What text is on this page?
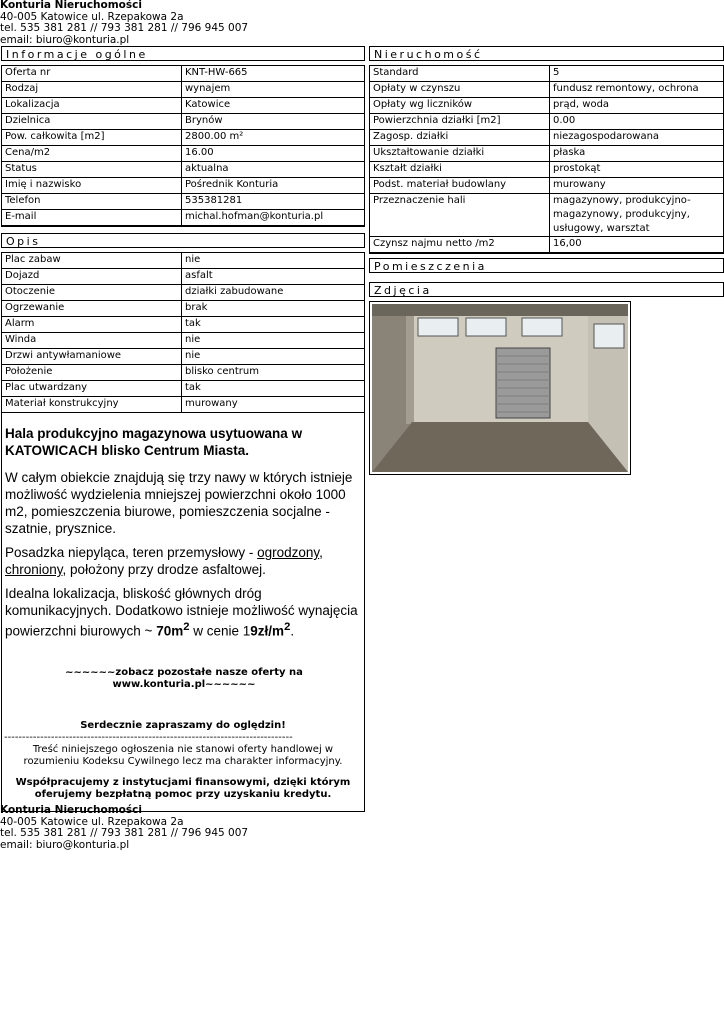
Konturia Nieruchomości
40-005 Katowice ul. Rzepakowa 2a
tel. 535 381 281 // 793 381 281 // 796 945 007
email: biuro@konturia.pl
Informacje ogólne
Oferta nr	KNT-HW-665
Rodzaj	wynajem
Lokalizacja	Katowice
Dzielnica	Brynów
Pow. całkowita [m2]	2800.00 m²
Cena/m2	16.00
Status	aktualna
Imię i nazwisko	Pośrednik Konturia
Telefon	535381281
E-mail	michal.hofman@konturia.pl
Opis
Plac zabaw	nie
Dojazd	asfalt
Otoczenie	działki zabudowane
Ogrzewanie	brak
Alarm	tak
Winda	nie
Drzwi antywłamaniowe	nie
Położenie	blisko centrum
Plac utwardzany	tak
Materiał konstrukcyjny	murowany

Hala produkcyjno magazynowa usytuowana w KATOWICACH blisko Centrum Miasta.

W całym obiekcie znajdują się trzy nawy w których istnieje możliwość wydzielenia mniejszej powierzchni około 1000 m2, pomieszczenia biurowe, pomieszczenia socjalne - szatnie, prysznice.

Posadzka niepyląca, teren przemysłowy - ogrodzony, chroniony, położony przy drodze asfaltowej.

Idealna lokalizacja, bliskość głównych dróg komunikacyjnych. Dodatkowo istnieje możliwość wynajęcia powierzchni biurowych ~ $70m^2$ w cenie $19zł/m^2$.

~~~~~~zobacz pozostałe nasze oferty na www.konturia.pl~~~~~~
Serdecznie zapraszamy do oględzin!
--------------------------------------------------------------------------------
Treść niniejszego ogłoszenia nie stanowi oferty handlowej w rozumieniu Kodeksu Cywilnego lecz ma charakter informacyjny.
Współpracujemy z instytucjami finansowymi, dzięki którym oferujemy bezpłatną pomoc przy uzyskaniu kredytu.
Nieruchomość
Standard	5
Opłaty w czynszu	fundusz remontowy, ochrona
Opłaty wg liczników	prąd, woda
Powierzchnia działki [m2]	0.00
Zagosp. działki	niezagospodarowana
Ukształtowanie działki	płaska
Kształt działki	prostokąt
Podst. materiał budowlany	murowany
Przeznaczenie hali	magazynowy, produkcyjno-magazynowy, produkcyjny, usługowy, warsztat
Czynsz najmu netto /m2	16,00
Pomieszczenia
Zdjęcia
Konturia Nieruchomości
40-005 Katowice ul. Rzepakowa 2a
tel. 535 381 281 // 793 381 281 // 796 945 007
email: biuro@konturia.pl
